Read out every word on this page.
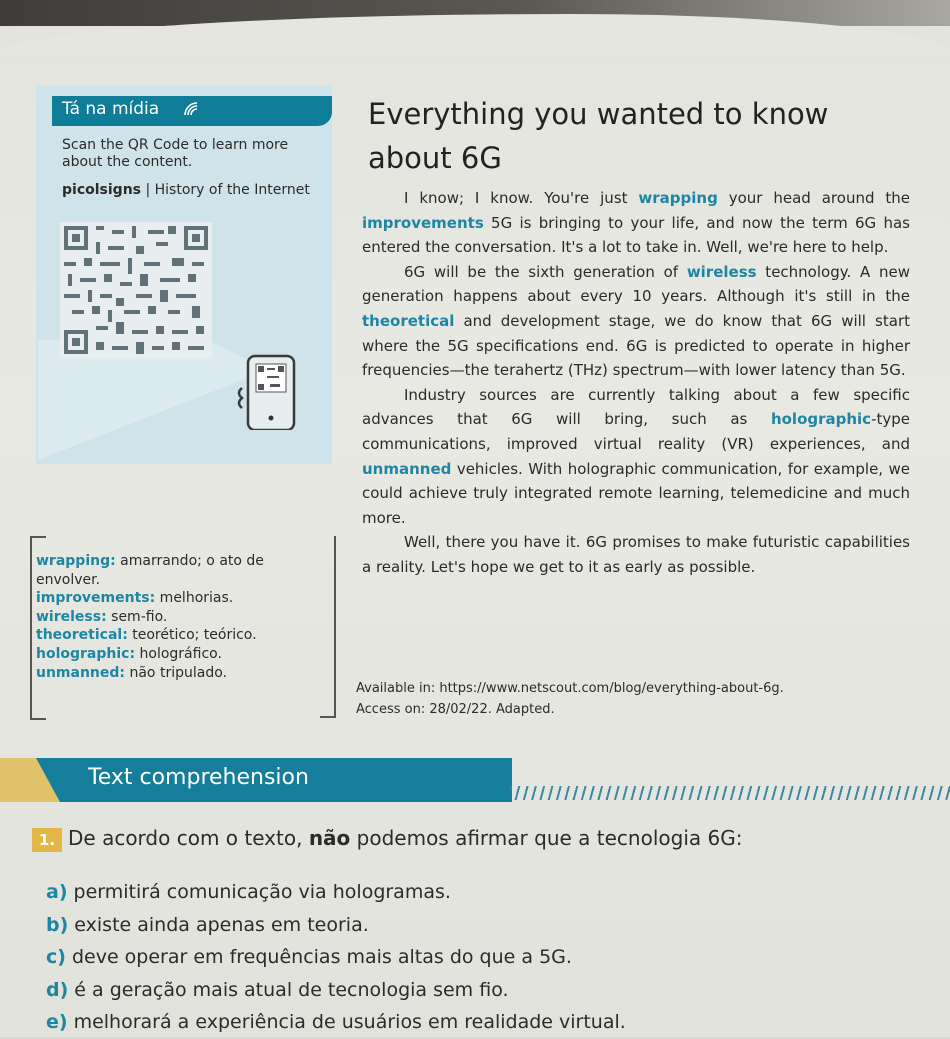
Tá na mídia
Scan the QR Code to learn more about the content.
picolsigns | History of the Internet
Everything you wanted to know
about 6G

I know; I know. You're just wrapping your head around the improvements 5G is bringing to your life, and now the term 6G has entered the conversation. It's a lot to take in. Well, we're here to help.

6G will be the sixth generation of wireless technology. A new generation happens about every 10 years. Although it's still in the theoretical and development stage, we do know that 6G will start where the 5G specifications end. 6G is predicted to operate in higher frequencies—the terahertz (THz) spectrum—with lower latency than 5G.

Industry sources are currently talking about a few specific advances that 6G will bring, such as holographic-type communications, improved virtual reality (VR) experiences, and unmanned vehicles. With holographic communication, for example, we could achieve truly integrated remote learning, telemedicine and much more.

Well, there you have it. 6G promises to make futuristic capabilities a reality. Let's hope we get to it as early as possible.

Available in: https://www.netscout.com/blog/everything-about-6g.
Access on: 28/02/22. Adapted.
wrapping: amarrando; o ato de envolver.
improvements: melhorias.
wireless: sem-fio.
theoretical: teorético; teórico.
holographic: holográfico.
unmanned: não tripulado.
Text comprehension
1. De acordo com o texto, não podemos afirmar que a tecnologia 6G:
a) permitirá comunicação via hologramas.
b) existe ainda apenas em teoria.
c) deve operar em frequências mais altas do que a 5G.
d) é a geração mais atual de tecnologia sem fio.
e) melhorará a experiência de usuários em realidade virtual.
